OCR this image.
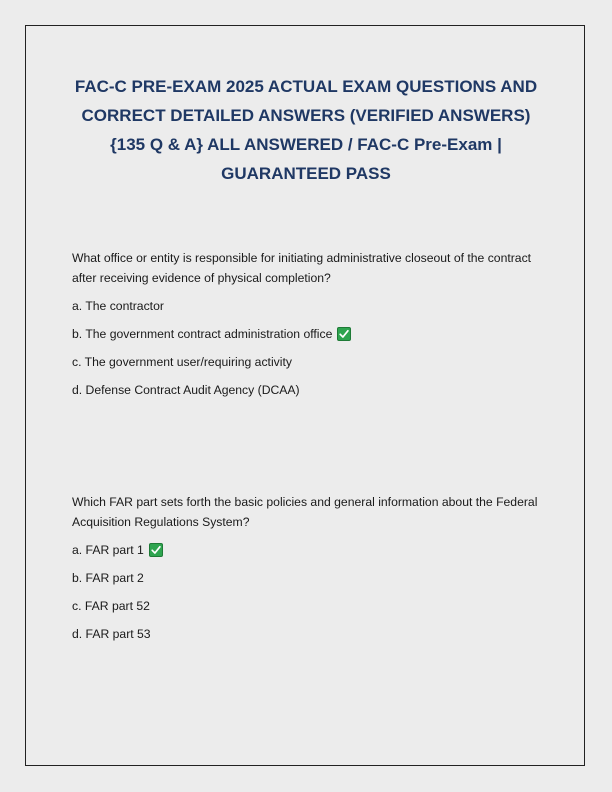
FAC-C PRE-EXAM 2025 ACTUAL EXAM QUESTIONS AND
CORRECT DETAILED ANSWERS (VERIFIED ANSWERS)
{135 Q & A} ALL ANSWERED / FAC-C Pre-Exam |
GUARANTEED PASS

What office or entity is responsible for initiating administrative closeout of the contract after receiving evidence of physical completion?

a. The contractor
b. The government contract administration office
c. The government user/requiring activity
d. Defense Contract Audit Agency (DCAA)

Which FAR part sets forth the basic policies and general information about the Federal Acquisition Regulations System?

a. FAR part 1
b. FAR part 2
c. FAR part 52
d. FAR part 53
